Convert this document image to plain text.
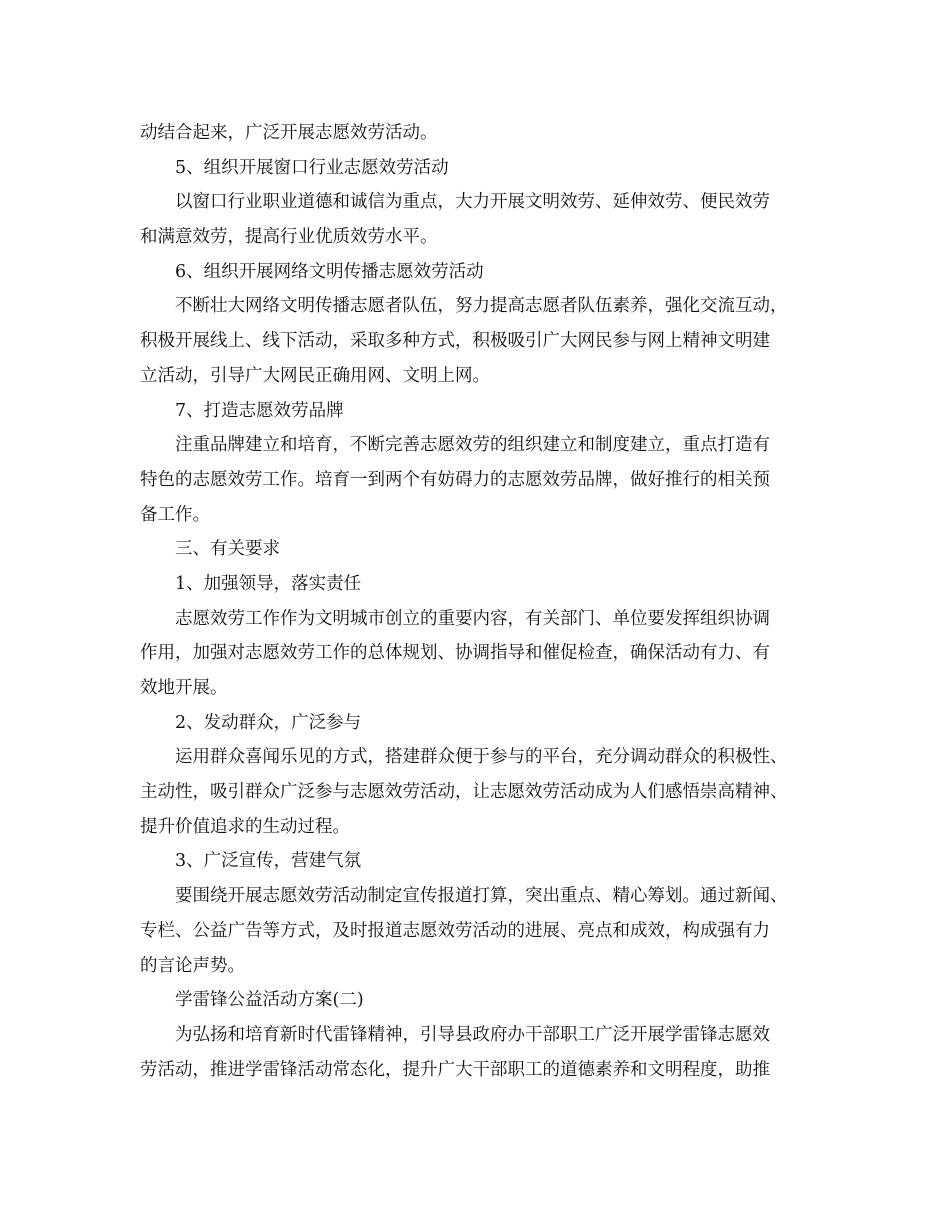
动结合起来，广泛开展志愿效劳活动。
5、组织开展窗口行业志愿效劳活动
以窗口行业职业道德和诚信为重点，大力开展文明效劳、延伸效劳、便民效劳
和满意效劳，提高行业优质效劳水平。
6、组织开展网络文明传播志愿效劳活动
不断壮大网络文明传播志愿者队伍，努力提高志愿者队伍素养，强化交流互动，
积极开展线上、线下活动，采取多种方式，积极吸引广大网民参与网上精神文明建
立活动，引导广大网民正确用网、文明上网。
7、打造志愿效劳品牌
注重品牌建立和培育，不断完善志愿效劳的组织建立和制度建立，重点打造有
特色的志愿效劳工作。培育一到两个有妨碍力的志愿效劳品牌，做好推行的相关预
备工作。
三、有关要求
1、加强领导，落实责任
志愿效劳工作作为文明城市创立的重要内容，有关部门、单位要发挥组织协调
作用，加强对志愿效劳工作的总体规划、协调指导和催促检查，确保活动有力、有
效地开展。
2、发动群众，广泛参与
运用群众喜闻乐见的方式，搭建群众便于参与的平台，充分调动群众的积极性、
主动性，吸引群众广泛参与志愿效劳活动，让志愿效劳活动成为人们感悟崇高精神、
提升价值追求的生动过程。
3、广泛宣传，营建气氛
要围绕开展志愿效劳活动制定宣传报道打算，突出重点、精心筹划。通过新闻、
专栏、公益广告等方式，及时报道志愿效劳活动的进展、亮点和成效，构成强有力
的言论声势。
学雷锋公益活动方案(二)
为弘扬和培育新时代雷锋精神，引导县政府办干部职工广泛开展学雷锋志愿效
劳活动，推进学雷锋活动常态化，提升广大干部职工的道德素养和文明程度，助推
